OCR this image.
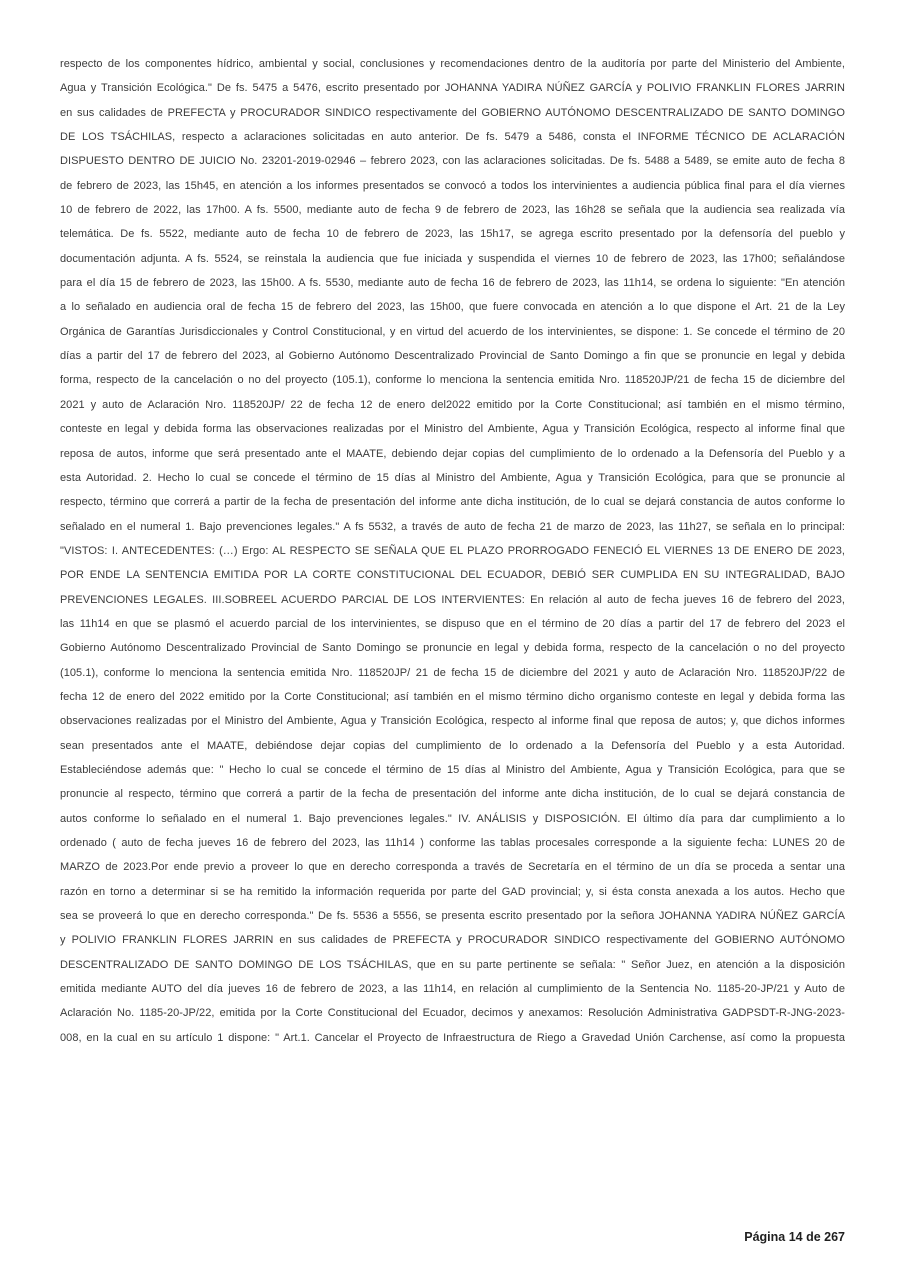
respecto de los componentes hídrico, ambiental y social, conclusiones y recomendaciones dentro de la auditoría por parte del Ministerio del Ambiente, Agua y Transición Ecológica." De fs. 5475 a 5476, escrito presentado por JOHANNA YADIRA NÚÑEZ GARCÍA y POLIVIO FRANKLIN FLORES JARRIN en sus calidades de PREFECTA y PROCURADOR SINDICO respectivamente del GOBIERNO AUTÓNOMO DESCENTRALIZADO DE SANTO DOMINGO DE LOS TSÁCHILAS, respecto a aclaraciones solicitadas en auto anterior. De fs. 5479 a 5486, consta el INFORME TÉCNICO DE ACLARACIÓN DISPUESTO DENTRO DE JUICIO No. 23201-2019-02946 – febrero 2023, con las aclaraciones solicitadas. De fs. 5488 a 5489, se emite auto de fecha 8 de febrero de 2023, las 15h45, en atención a los informes presentados se convocó a todos los intervinientes a audiencia pública final para el día viernes 10 de febrero de 2022, las 17h00. A fs. 5500, mediante auto de fecha 9 de febrero de 2023, las 16h28 se señala que la audiencia sea realizada vía telemática. De fs. 5522, mediante auto de fecha 10 de febrero de 2023, las 15h17, se agrega escrito presentado por la defensoría del pueblo y documentación adjunta. A fs. 5524, se reinstala la audiencia que fue iniciada y suspendida el viernes 10 de febrero de 2023, las 17h00; señalándose para el día 15 de febrero de 2023, las 15h00. A fs. 5530, mediante auto de fecha 16 de febrero de 2023, las 11h14, se ordena lo siguiente: "En atención a lo señalado en audiencia oral de fecha 15 de febrero del 2023, las 15h00, que fuere convocada en atención a lo que dispone el Art. 21 de la Ley Orgánica de Garantías Jurisdiccionales y Control Constitucional, y en virtud del acuerdo de los intervinientes, se dispone: 1. Se concede el término de 20 días a partir del 17 de febrero del 2023, al Gobierno Autónomo Descentralizado Provincial de Santo Domingo a fin que se pronuncie en legal y debida forma, respecto de la cancelación o no del proyecto (105.1), conforme lo menciona la sentencia emitida Nro. 118520JP/21 de fecha 15 de diciembre del 2021 y auto de Aclaración Nro. 118520JP/ 22 de fecha 12 de enero del2022 emitido por la Corte Constitucional; así también en el mismo término, conteste en legal y debida forma las observaciones realizadas por el Ministro del Ambiente, Agua y Transición Ecológica, respecto al informe final que reposa de autos, informe que será presentado ante el MAATE, debiendo dejar copias del cumplimiento de lo ordenado a la Defensoría del Pueblo y a esta Autoridad. 2. Hecho lo cual se concede el término de 15 días al Ministro del Ambiente, Agua y Transición Ecológica, para que se pronuncie al respecto, término que correrá a partir de la fecha de presentación del informe ante dicha institución, de lo cual se dejará constancia de autos conforme lo señalado en el numeral 1. Bajo prevenciones legales." A fs 5532, a través de auto de fecha 21 de marzo de 2023, las 11h27, se señala en lo principal: "VISTOS: I. ANTECEDENTES: (…) Ergo: AL RESPECTO SE SEÑALA QUE EL PLAZO PRORROGADO FENECIÓ EL VIERNES 13 DE ENERO DE 2023, POR ENDE LA SENTENCIA EMITIDA POR LA CORTE CONSTITUCIONAL DEL ECUADOR, DEBIÓ SER CUMPLIDA EN SU INTEGRALIDAD, BAJO PREVENCIONES LEGALES. III.SOBREEL ACUERDO PARCIAL DE LOS INTERVIENTES: En relación al auto de fecha jueves 16 de febrero del 2023, las 11h14 en que se plasmó el acuerdo parcial de los intervinientes, se dispuso que en el término de 20 días a partir del 17 de febrero del 2023 el Gobierno Autónomo Descentralizado Provincial de Santo Domingo se pronuncie en legal y debida forma, respecto de la cancelación o no del proyecto (105.1), conforme lo menciona la sentencia emitida Nro. 118520JP/ 21 de fecha 15 de diciembre del 2021 y auto de Aclaración Nro. 118520JP/22 de fecha 12 de enero del 2022 emitido por la Corte Constitucional; así también en el mismo término dicho organismo conteste en legal y debida forma las observaciones realizadas por el Ministro del Ambiente, Agua y Transición Ecológica, respecto al informe final que reposa de autos; y, que dichos informes sean presentados ante el MAATE, debiéndose dejar copias del cumplimiento de lo ordenado a la Defensoría del Pueblo y a esta Autoridad. Estableciéndose además que: " Hecho lo cual se concede el término de 15 días al Ministro del Ambiente, Agua y Transición Ecológica, para que se pronuncie al respecto, término que correrá a partir de la fecha de presentación del informe ante dicha institución, de lo cual se dejará constancia de autos conforme lo señalado en el numeral 1. Bajo prevenciones legales." IV. ANÁLISIS y DISPOSICIÓN. El último día para dar cumplimiento a lo ordenado ( auto de fecha jueves 16 de febrero del 2023, las 11h14 ) conforme las tablas procesales corresponde a la siguiente fecha: LUNES 20 de MARZO de 2023.Por ende previo a proveer lo que en derecho corresponda a través de Secretaría en el término de un día se proceda a sentar una razón en torno a determinar si se ha remitido la información requerida por parte del GAD provincial; y, si ésta consta anexada a los autos. Hecho que sea se proveerá lo que en derecho corresponda." De fs. 5536 a 5556, se presenta escrito presentado por la señora JOHANNA YADIRA NÚÑEZ GARCÍA y POLIVIO FRANKLIN FLORES JARRIN en sus calidades de PREFECTA y PROCURADOR SINDICO respectivamente del GOBIERNO AUTÓNOMO DESCENTRALIZADO DE SANTO DOMINGO DE LOS TSÁCHILAS, que en su parte pertinente se señala: " Señor Juez, en atención a la disposición emitida mediante AUTO del día jueves 16 de febrero de 2023, a las 11h14, en relación al cumplimiento de la Sentencia No. 1185-20-JP/21 y Auto de Aclaración No. 1185-20-JP/22, emitida por la Corte Constitucional del Ecuador, decimos y anexamos: Resolución Administrativa GADPSDT-R-JNG-2023-008, en la cual en su artículo 1 dispone: " Art.1. Cancelar el Proyecto de Infraestructura de Riego a Gravedad Unión Carchense, así como la propuesta

Página 14 de 267
